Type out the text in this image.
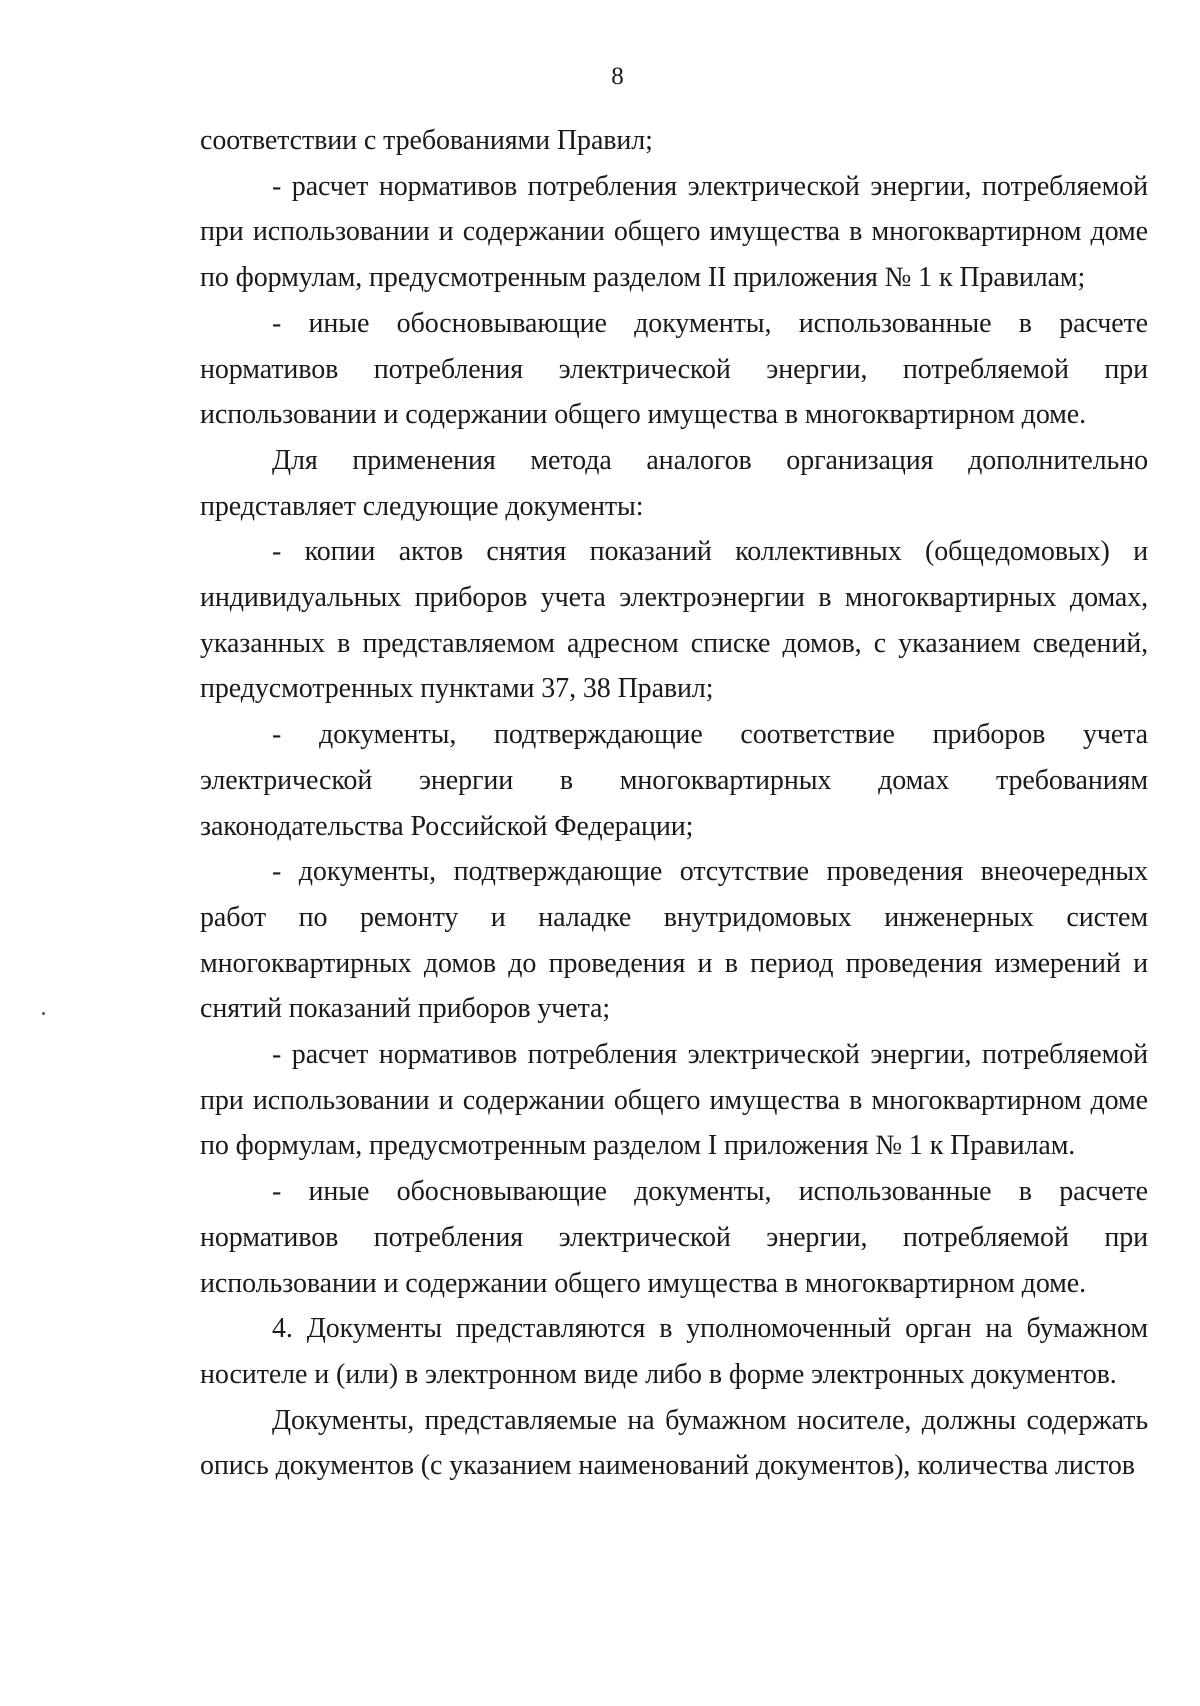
8

соответствии с требованиями Правил;

- расчет нормативов потребления электрической энергии, потребляемой при использовании и содержании общего имущества в многоквартирном доме по формулам, предусмотренным разделом II приложения № 1 к Правилам;

- иные обосновывающие документы, использованные в расчете нормативов потребления электрической энергии, потребляемой при использовании и содержании общего имущества в многоквартирном доме.

Для применения метода аналогов организация дополнительно представляет следующие документы:

- копии актов снятия показаний коллективных (общедомовых) и индивидуальных приборов учета электроэнергии в многоквартирных домах, указанных в представляемом адресном списке домов, с указанием сведений, предусмотренных пунктами 37, 38 Правил;

- документы, подтверждающие соответствие приборов учета электрической энергии в многоквартирных домах требованиям законодательства Российской Федерации;

- документы, подтверждающие отсутствие проведения внеочередных работ по ремонту и наладке внутридомовых инженерных систем многоквартирных домов до проведения и в период проведения измерений и снятий показаний приборов учета;

- расчет нормативов потребления электрической энергии, потребляемой при использовании и содержании общего имущества в многоквартирном доме по формулам, предусмотренным разделом I приложения № 1 к Правилам.

- иные обосновывающие документы, использованные в расчете нормативов потребления электрической энергии, потребляемой при использовании и содержании общего имущества в многоквартирном доме.

4. Документы представляются в уполномоченный орган на бумажном носителе и (или) в электронном виде либо в форме электронных документов.

Документы, представляемые на бумажном носителе, должны содержать опись документов (с указанием наименований документов), количества листов
